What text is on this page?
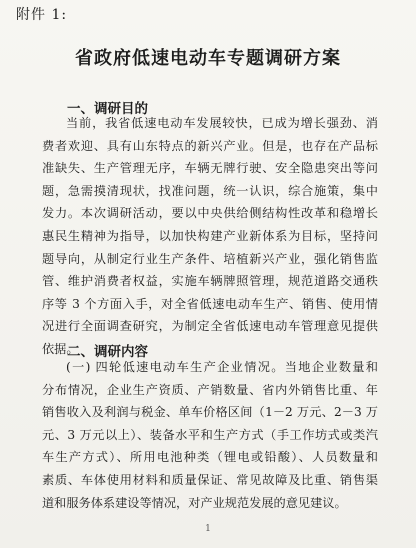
附件 1:
省政府低速电动车专题调研方案
一、调研目的
当前，我省低速电动车发展较快，已成为增长强劲、消
费者欢迎、具有山东特点的新兴产业。但是，也存在产品标
准缺失、生产管理无序，车辆无牌行驶、安全隐患突出等问
题，急需摸清现状，找准问题，统一认识，综合施策，集中
发力。本次调研活动，要以中央供给侧结构性改革和稳增长
惠民生精神为指导，以加快构建产业新体系为目标，坚持问
题导向，从制定行业生产条件、培植新兴产业，强化销售监
管、维护消费者权益，实施车辆牌照管理，规范道路交通秩
序等 3 个方面入手，对全省低速电动车生产、销售、使用情
况进行全面调查研究，为制定全省低速电动车管理意见提供
依据。
二、调研内容
(一) 四轮低速电动车生产企业情况。当地企业数量和
分布情况，企业生产资质、产销数量、省内外销售比重、年
销售收入及利润与税金、单车价格区间（1－2 万元、2－3 万
元、3 万元以上）、装备水平和生产方式（手工作坊式或类汽
车生产方式）、所用电池种类（锂电或铅酸）、人员数量和
素质、车体使用材料和质量保证、常见故障及比重、销售渠
道和服务体系建设等情况，对产业规范发展的意见建议。
1
